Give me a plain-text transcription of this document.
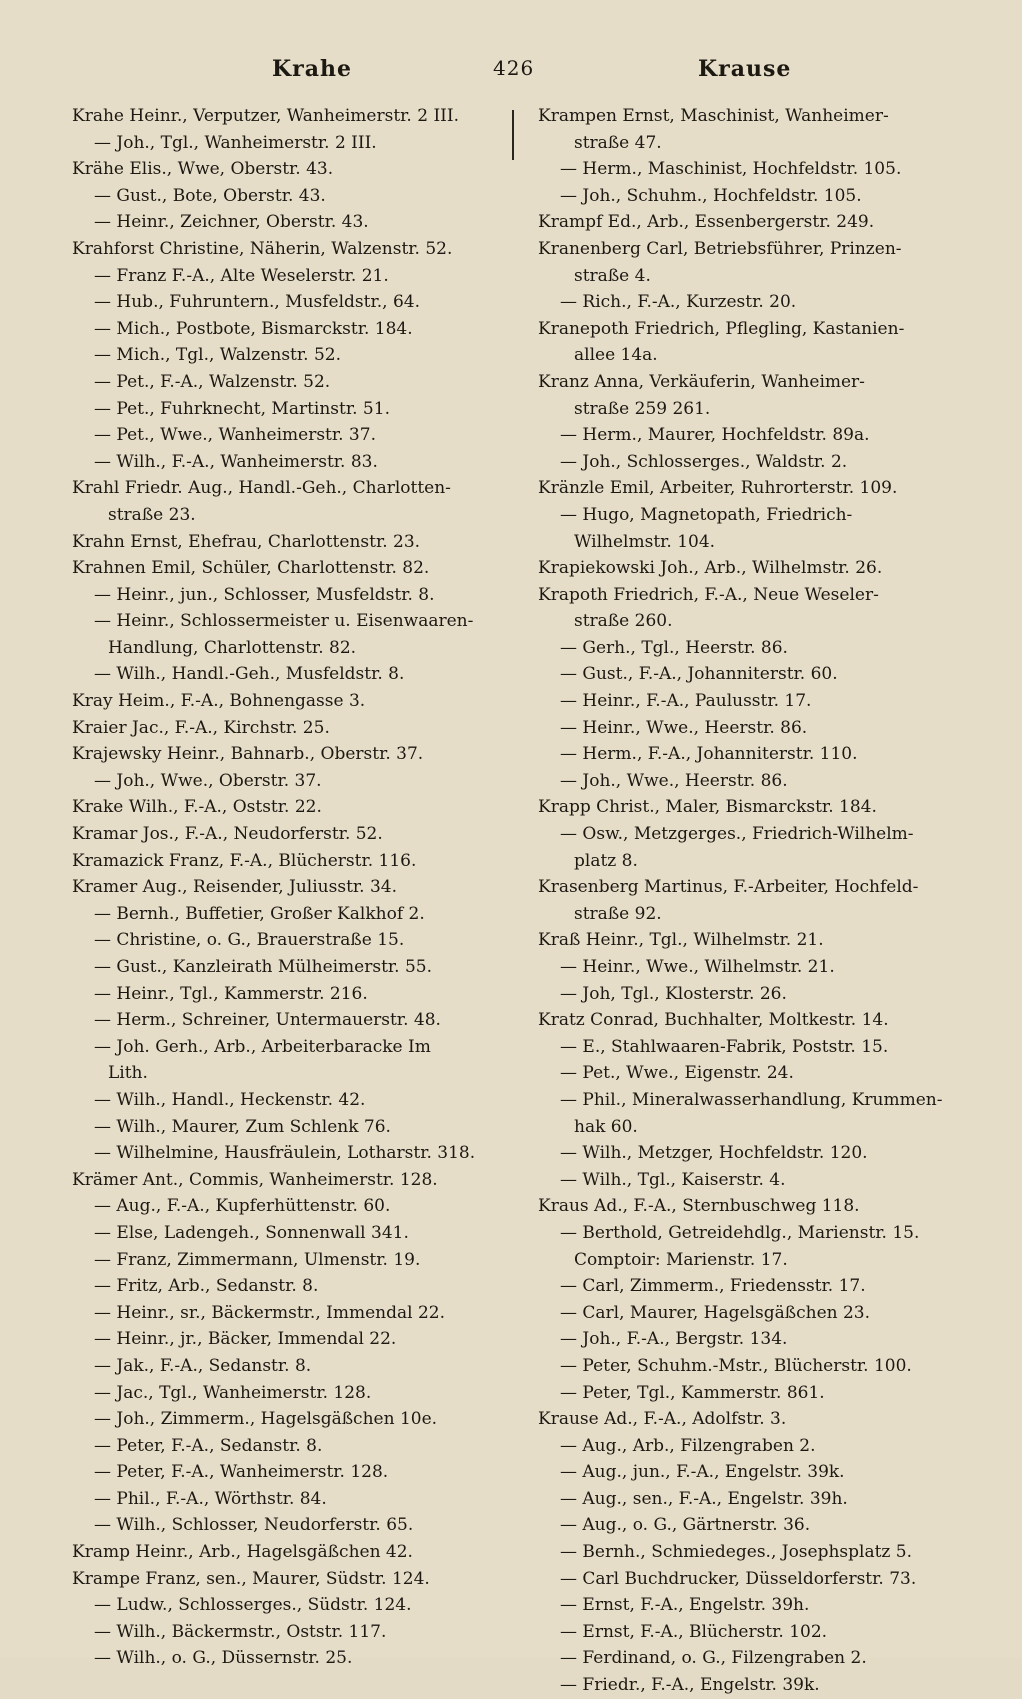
Krahe	426	Krause
Krahe Heinr., Verputzer, Wanheimerstr. 2 III.
— Joh., Tgl., Wanheimerstr. 2 III.
Krähe Elis., Wwe, Oberstr. 43.
— Gust., Bote, Oberstr. 43.
— Heinr., Zeichner, Oberstr. 43.
Krahforst Christine, Näherin, Walzenstr. 52.
— Franz F.-A., Alte Weselerstr. 21.
— Hub., Fuhruntern., Musfeldstr., 64.
— Mich., Postbote, Bismarckstr. 184.
— Mich., Tgl., Walzenstr. 52.
— Pet., F.-A., Walzenstr. 52.
— Pet., Fuhrknecht, Martinstr. 51.
— Pet., Wwe., Wanheimerstr. 37.
— Wilh., F.-A., Wanheimerstr. 83.
Krahl Friedr. Aug., Handl.-Geh., Charlotten-
straße 23.
Krahn Ernst, Ehefrau, Charlottenstr. 23.
Krahnen Emil, Schüler, Charlottenstr. 82.
— Heinr., jun., Schlosser, Musfeldstr. 8.
— Heinr., Schlossermeister u. Eisenwaaren-
Handlung, Charlottenstr. 82.
— Wilh., Handl.-Geh., Musfeldstr. 8.
Kray Heim., F.-A., Bohnengasse 3.
Kraier Jac., F.-A., Kirchstr. 25.
Krajewsky Heinr., Bahnarb., Oberstr. 37.
— Joh., Wwe., Oberstr. 37.
Krake Wilh., F.-A., Oststr. 22.
Kramar Jos., F.-A., Neudorferstr. 52.
Kramazick Franz, F.-A., Blücherstr. 116.
Kramer Aug., Reisender, Juliusstr. 34.
— Bernh., Buffetier, Großer Kalkhof 2.
— Christine, o. G., Brauerstraße 15.
— Gust., Kanzleirath Mülheimerstr. 55.
— Heinr., Tgl., Kammerstr. 216.
— Herm., Schreiner, Untermauerstr. 48.
— Joh. Gerh., Arb., Arbeiterbaracke Im
Lith.
— Wilh., Handl., Heckenstr. 42.
— Wilh., Maurer, Zum Schlenk 76.
— Wilhelmine, Hausfräulein, Lotharstr. 318.
Krämer Ant., Commis, Wanheimerstr. 128.
— Aug., F.-A., Kupferhüttenstr. 60.
— Else, Ladengeh., Sonnenwall 341.
— Franz, Zimmermann, Ulmenstr. 19.
— Fritz, Arb., Sedanstr. 8.
— Heinr., sr., Bäckermstr., Immendal 22.
— Heinr., jr., Bäcker, Immendal 22.
— Jak., F.-A., Sedanstr. 8.
— Jac., Tgl., Wanheimerstr. 128.
— Joh., Zimmerm., Hagelsgäßchen 10e.
— Peter, F.-A., Sedanstr. 8.
— Peter, F.-A., Wanheimerstr. 128.
— Phil., F.-A., Wörthstr. 84.
— Wilh., Schlosser, Neudorferstr. 65.
Kramp Heinr., Arb., Hagelsgäßchen 42.
Krampe Franz, sen., Maurer, Südstr. 124.
— Ludw., Schlosserges., Südstr. 124.
— Wilh., Bäckermstr., Oststr. 117.
— Wilh., o. G., Düssernstr. 25.
Krampen Ernst, Maschinist, Wanheimer-
straße 47.
— Herm., Maschinist, Hochfeldstr. 105.
— Joh., Schuhm., Hochfeldstr. 105.
Krampf Ed., Arb., Essenbergerstr. 249.
Kranenberg Carl, Betriebsführer, Prinzen-
straße 4.
— Rich., F.-A., Kurzestr. 20.
Kranepoth Friedrich, Pflegling, Kastanien-
allee 14a.
Kranz Anna, Verkäuferin, Wanheimer-
straße 259 261.
— Herm., Maurer, Hochfeldstr. 89a.
— Joh., Schlosserges., Waldstr. 2.
Kränzle Emil, Arbeiter, Ruhrorterstr. 109.
— Hugo, Magnetopath, Friedrich-
Wilhelmstr. 104.
Krapiekowski Joh., Arb., Wilhelmstr. 26.
Krapoth Friedrich, F.-A., Neue Weseler-
straße 260.
— Gerh., Tgl., Heerstr. 86.
— Gust., F.-A., Johanniterstr. 60.
— Heinr., F.-A., Paulusstr. 17.
— Heinr., Wwe., Heerstr. 86.
— Herm., F.-A., Johanniterstr. 110.
— Joh., Wwe., Heerstr. 86.
Krapp Christ., Maler, Bismarckstr. 184.
— Osw., Metzgerges., Friedrich-Wilhelm-
platz 8.
Krasenberg Martinus, F.-Arbeiter, Hochfeld-
straße 92.
Kraß Heinr., Tgl., Wilhelmstr. 21.
— Heinr., Wwe., Wilhelmstr. 21.
— Joh, Tgl., Klosterstr. 26.
Kratz Conrad, Buchhalter, Moltkestr. 14.
— E., Stahlwaaren-Fabrik, Poststr. 15.
— Pet., Wwe., Eigenstr. 24.
— Phil., Mineralwasserhandlung, Krummen-
hak 60.
— Wilh., Metzger, Hochfeldstr. 120.
— Wilh., Tgl., Kaiserstr. 4.
Kraus Ad., F.-A., Sternbuschweg 118.
— Berthold, Getreidehdlg., Marienstr. 15.
Comptoir: Marienstr. 17.
— Carl, Zimmerm., Friedensstr. 17.
— Carl, Maurer, Hagelsgäßchen 23.
— Joh., F.-A., Bergstr. 134.
— Peter, Schuhm.-Mstr., Blücherstr. 100.
— Peter, Tgl., Kammerstr. 861.
Krause Ad., F.-A., Adolfstr. 3.
— Aug., Arb., Filzengraben 2.
— Aug., jun., F.-A., Engelstr. 39k.
— Aug., sen., F.-A., Engelstr. 39h.
— Aug., o. G., Gärtnerstr. 36.
— Bernh., Schmiedeges., Josephsplatz 5.
— Carl Buchdrucker, Düsseldorferstr. 73.
— Ernst, F.-A., Engelstr. 39h.
— Ernst, F.-A., Blücherstr. 102.
— Ferdinand, o. G., Filzengraben 2.
— Friedr., F.-A., Engelstr. 39k.
